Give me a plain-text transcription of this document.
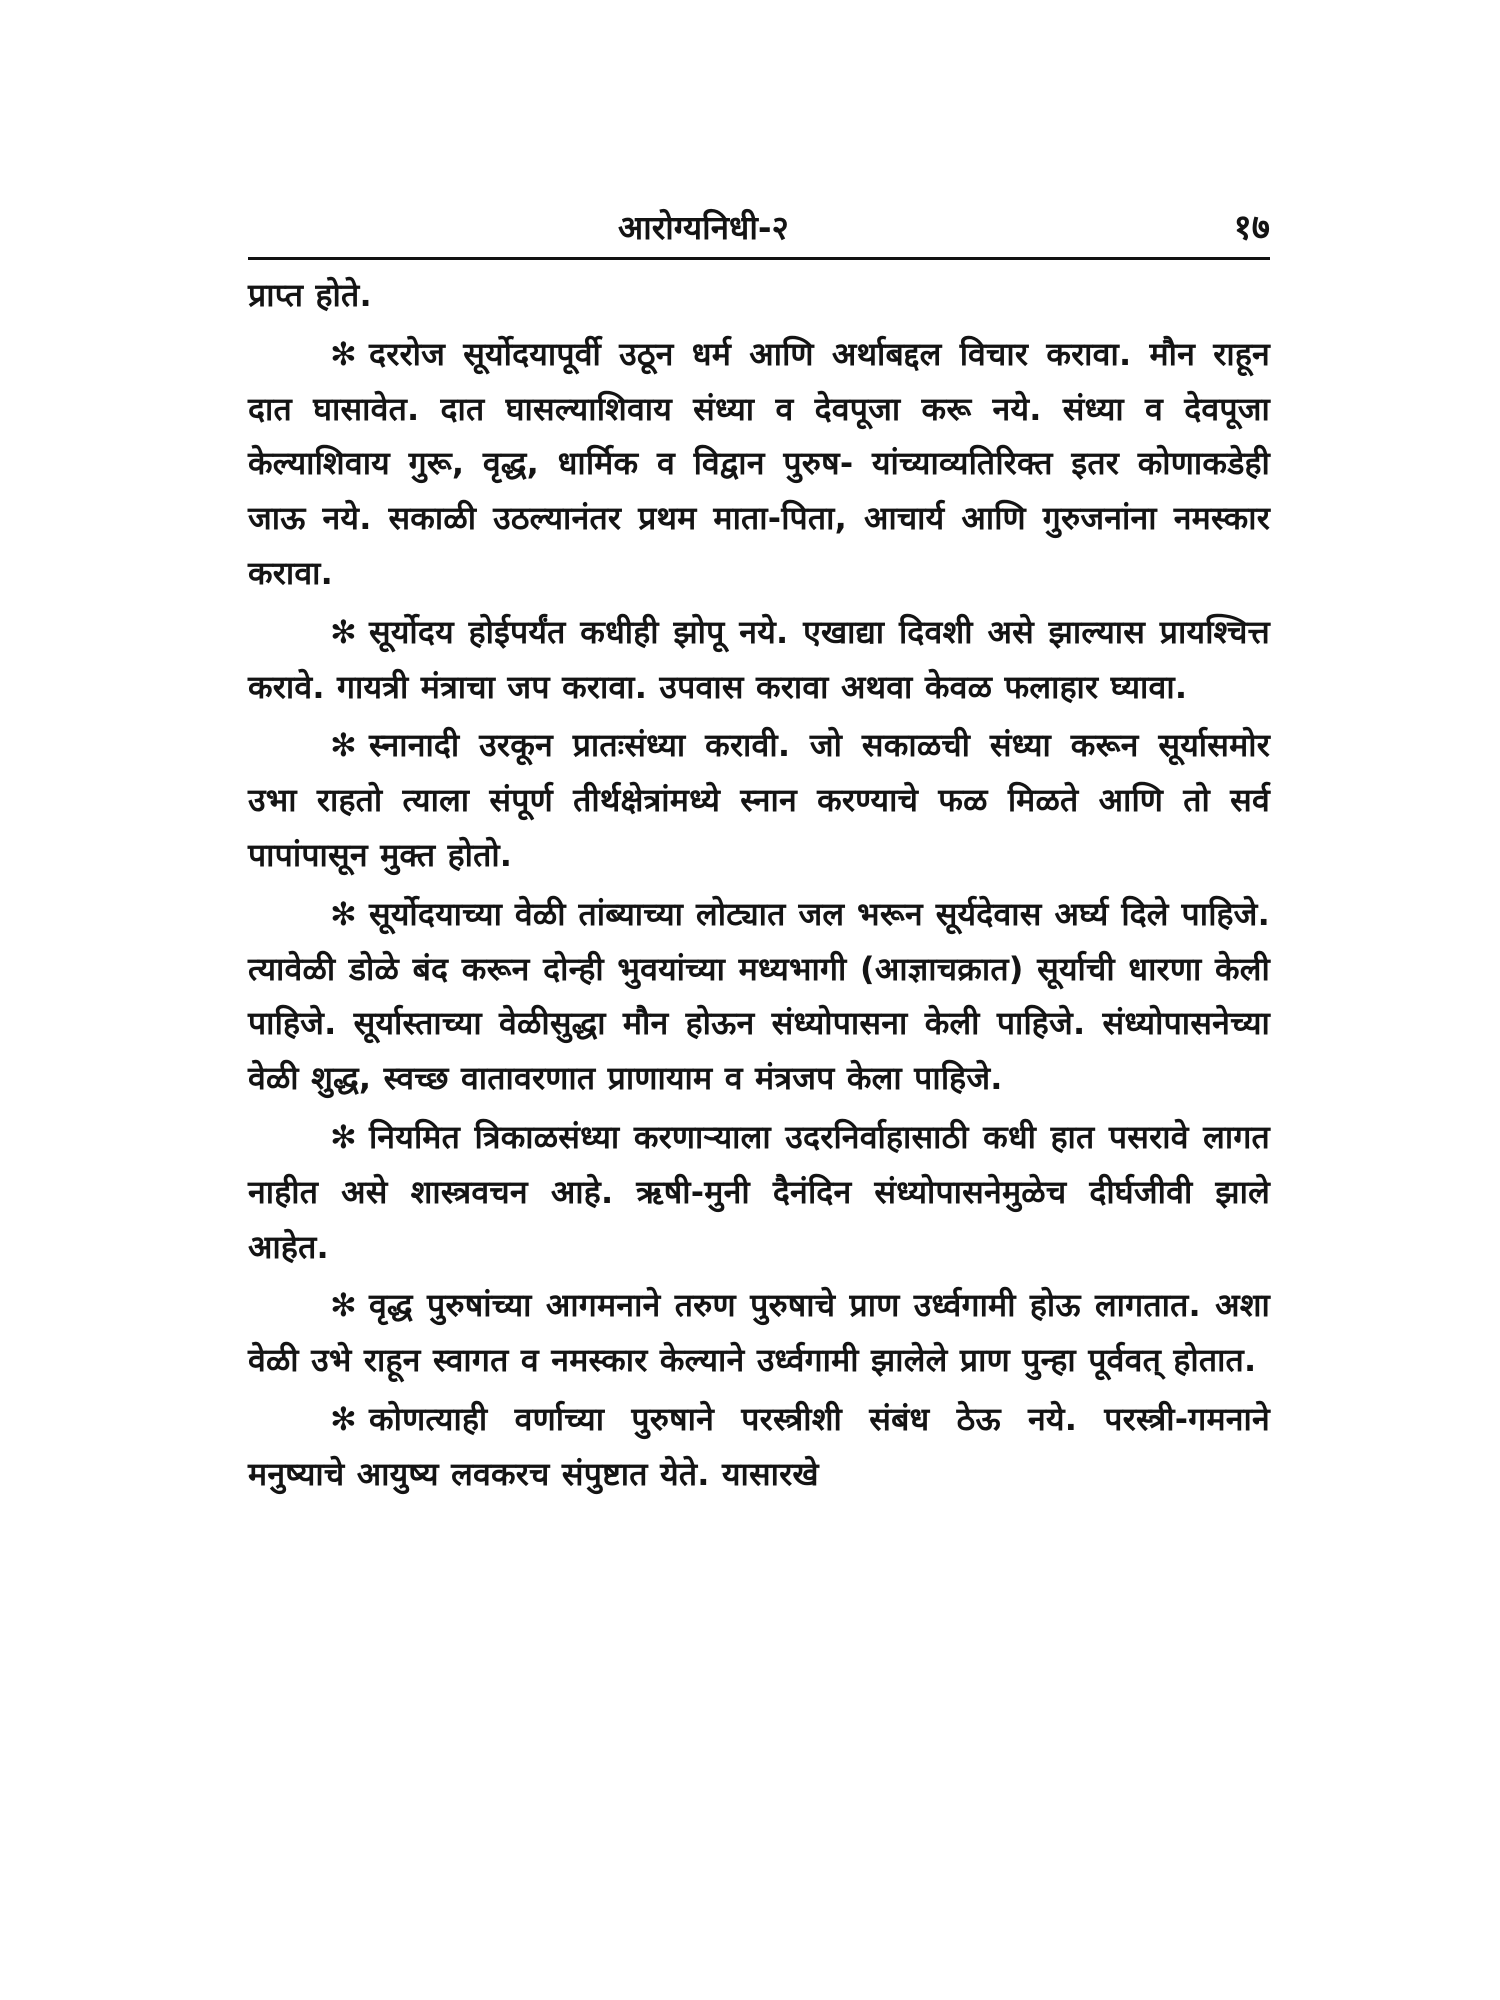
आरोग्यनिधी-२	१७

प्राप्त होते.

✻ दररोज सूर्योदयापूर्वी उठून धर्म आणि अर्थाबद्दल विचार करावा. मौन राहून दात घासावेत. दात घासल्याशिवाय संध्या व देवपूजा करू नये. संध्या व देवपूजा केल्याशिवाय गुरू, वृद्ध, धार्मिक व विद्वान पुरुष- यांच्याव्यतिरिक्त इतर कोणाकडेही जाऊ नये. सकाळी उठल्यानंतर प्रथम माता-पिता, आचार्य आणि गुरुजनांना नमस्कार करावा.

✻ सूर्योदय होईपर्यंत कधीही झोपू नये. एखाद्या दिवशी असे झाल्यास प्रायश्चित्त करावे. गायत्री मंत्राचा जप करावा. उपवास करावा अथवा केवळ फलाहार घ्यावा.

✻ स्नानादी उरकून प्रातःसंध्या करावी. जो सकाळची संध्या करून सूर्यासमोर उभा राहतो त्याला संपूर्ण तीर्थक्षेत्रांमध्ये स्नान करण्याचे फळ मिळते आणि तो सर्व पापांपासून मुक्त होतो.

✻ सूर्योदयाच्या वेळी तांब्याच्या लोट्यात जल भरून सूर्यदेवास अर्घ्य दिले पाहिजे. त्यावेळी डोळे बंद करून दोन्ही भुवयांच्या मध्यभागी (आज्ञाचक्रात) सूर्याची धारणा केली पाहिजे. सूर्यास्ताच्या वेळीसुद्धा मौन होऊन संध्योपासना केली पाहिजे. संध्योपासनेच्या वेळी शुद्ध, स्वच्छ वातावरणात प्राणायाम व मंत्रजप केला पाहिजे.

✻ नियमित त्रिकाळसंध्या करणाऱ्याला उदरनिर्वाहासाठी कधी हात पसरावे लागत नाहीत असे शास्त्रवचन आहे. ऋषी-मुनी दैनंदिन संध्योपासनेमुळेच दीर्घजीवी झाले आहेत.

✻ वृद्ध पुरुषांच्या आगमनाने तरुण पुरुषाचे प्राण उर्ध्वगामी होऊ लागतात. अशा वेळी उभे राहून स्वागत व नमस्कार केल्याने उर्ध्वगामी झालेले प्राण पुन्हा पूर्ववत् होतात.

✻ कोणत्याही वर्णाच्या पुरुषाने परस्त्रीशी संबंध ठेऊ नये. परस्त्री-गमनाने मनुष्याचे आयुष्य लवकरच संपुष्टात येते. यासारखे
